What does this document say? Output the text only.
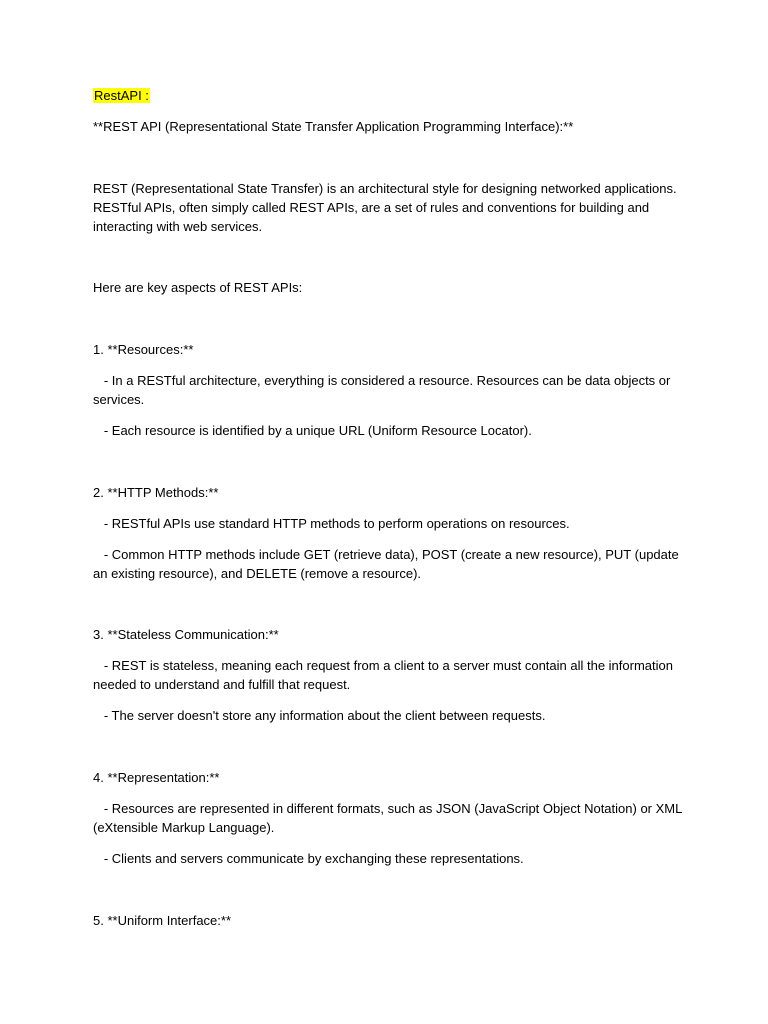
RestAPI :

**REST API (Representational State Transfer Application Programming Interface):**

REST (Representational State Transfer) is an architectural style for designing networked applications. RESTful APIs, often simply called REST APIs, are a set of rules and conventions for building and interacting with web services.

Here are key aspects of REST APIs:

1. **Resources:**

- In a RESTful architecture, everything is considered a resource. Resources can be data objects or services.

- Each resource is identified by a unique URL (Uniform Resource Locator).

2. **HTTP Methods:**

- RESTful APIs use standard HTTP methods to perform operations on resources.

- Common HTTP methods include GET (retrieve data), POST (create a new resource), PUT (update an existing resource), and DELETE (remove a resource).

3. **Stateless Communication:**

- REST is stateless, meaning each request from a client to a server must contain all the information needed to understand and fulfill that request.

- The server doesn't store any information about the client between requests.

4. **Representation:**

- Resources are represented in different formats, such as JSON (JavaScript Object Notation) or XML (eXtensible Markup Language).

- Clients and servers communicate by exchanging these representations.

5. **Uniform Interface:**
